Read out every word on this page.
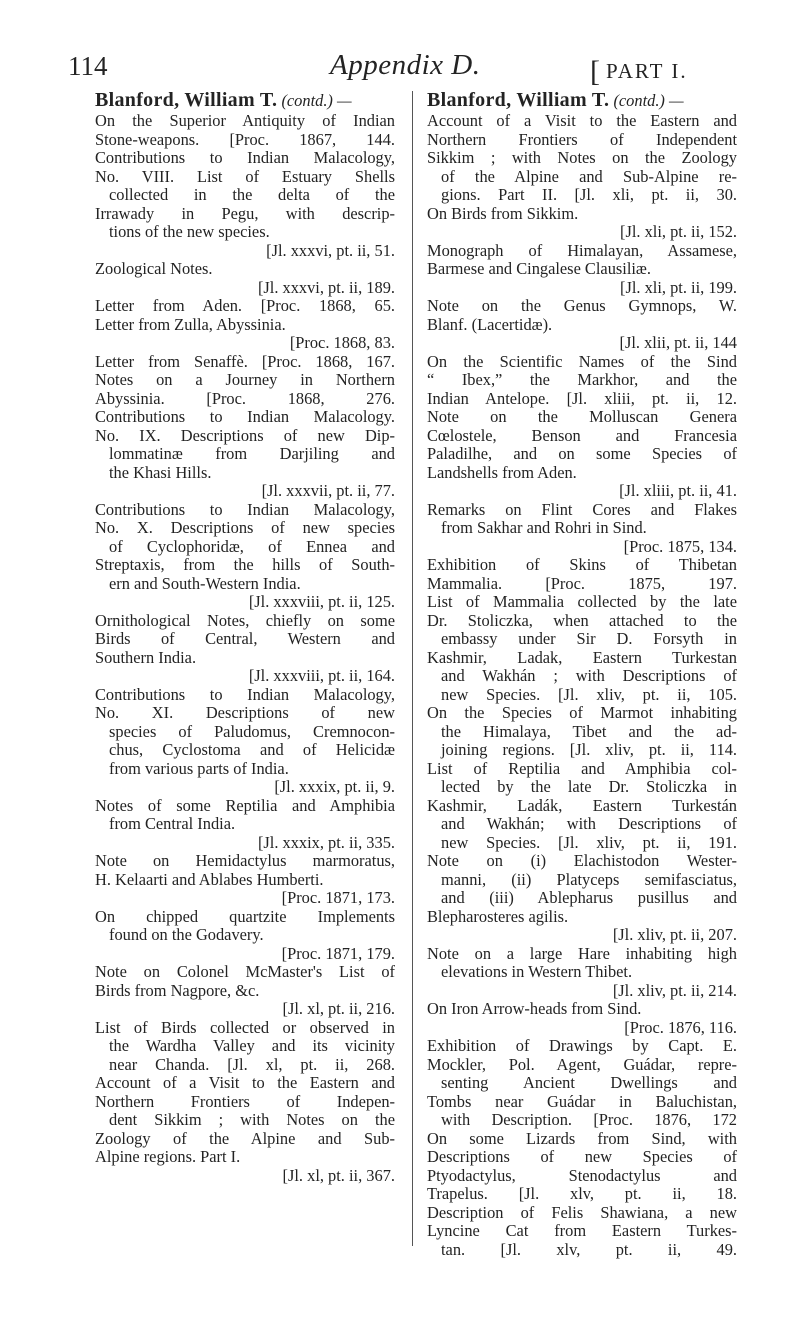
114	Appendix D.	[ PART I.
Blanford, William T. (contd.) —
On the Superior Antiquity of Indian
Stone-weapons. [Proc. 1867, 144.
Contributions to Indian Malacology,
No. VIII. List of Estuary Shells
collected in the delta of the
Irrawady in Pegu, with descrip-
tions of the new species.
[Jl. xxxvi, pt. ii, 51.
Zoological Notes.
[Jl. xxxvi, pt. ii, 189.
Letter from Aden. [Proc. 1868, 65.
Letter from Zulla, Abyssinia.
[Proc. 1868, 83.
Letter from Senaffè. [Proc. 1868, 167.
Notes on a Journey in Northern
Abyssinia. [Proc. 1868, 276.
Contributions to Indian Malacology.
No. IX. Descriptions of new Dip-
lommatinæ from Darjiling and
the Khasi Hills.
[Jl. xxxvii, pt. ii, 77.
Contributions to Indian Malacology,
No. X. Descriptions of new species
of Cyclophoridæ, of Ennea and
Streptaxis, from the hills of South-
ern and South-Western India.
[Jl. xxxviii, pt. ii, 125.
Ornithological Notes, chiefly on some
Birds of Central, Western and
Southern India.
[Jl. xxxviii, pt. ii, 164.
Contributions to Indian Malacology,
No. XI. Descriptions of new
species of Paludomus, Cremnocon-
chus, Cyclostoma and of Helicidæ
from various parts of India.
[Jl. xxxix, pt. ii, 9.
Notes of some Reptilia and Amphibia
from Central India.
[Jl. xxxix, pt. ii, 335.
Note on Hemidactylus marmoratus,
H. Kelaarti and Ablabes Humberti.
[Proc. 1871, 173.
On chipped quartzite Implements
found on the Godavery.
[Proc. 1871, 179.
Note on Colonel McMaster's List of
Birds from Nagpore, &c.
[Jl. xl, pt. ii, 216.
List of Birds collected or observed in
the Wardha Valley and its vicinity
near Chanda. [Jl. xl, pt. ii, 268.
Account of a Visit to the Eastern and
Northern Frontiers of Indepen-
dent Sikkim ; with Notes on the
Zoology of the Alpine and Sub-
Alpine regions. Part I.
[Jl. xl, pt. ii, 367.
Blanford, William T. (contd.) —
Account of a Visit to the Eastern and
Northern Frontiers of Independent
Sikkim ; with Notes on the Zoology
of the Alpine and Sub-Alpine re-
gions. Part II. [Jl. xli, pt. ii, 30.
On Birds from Sikkim.
[Jl. xli, pt. ii, 152.
Monograph of Himalayan, Assamese,
Barmese and Cingalese Clausiliæ.
[Jl. xli, pt. ii, 199.
Note on the Genus Gymnops, W.
Blanf. (Lacertidæ).
[Jl. xlii, pt. ii, 144
On the Scientific Names of the Sind
“ Ibex,” the Markhor, and the
Indian Antelope. [Jl. xliii, pt. ii, 12.
Note on the Molluscan Genera
Cœlostele, Benson and Francesia
Paladilhe, and on some Species of
Landshells from Aden.
[Jl. xliii, pt. ii, 41.
Remarks on Flint Cores and Flakes
from Sakhar and Rohri in Sind.
[Proc. 1875, 134.
Exhibition of Skins of Thibetan
Mammalia. [Proc. 1875, 197.
List of Mammalia collected by the late
Dr. Stoliczka, when attached to the
embassy under Sir D. Forsyth in
Kashmir, Ladak, Eastern Turkestan
and Wakhán ; with Descriptions of
new Species. [Jl. xliv, pt. ii, 105.
On the Species of Marmot inhabiting
the Himalaya, Tibet and the ad-
joining regions. [Jl. xliv, pt. ii, 114.
List of Reptilia and Amphibia col-
lected by the late Dr. Stoliczka in
Kashmir, Ladák, Eastern Turkestán
and Wakhán; with Descriptions of
new Species. [Jl. xliv, pt. ii, 191.
Note on (i) Elachistodon Wester-
manni, (ii) Platyceps semifasciatus,
and (iii) Ablepharus pusillus and
Blepharosteres agilis.
[Jl. xliv, pt. ii, 207.
Note on a large Hare inhabiting high
elevations in Western Thibet.
[Jl. xliv, pt. ii, 214.
On Iron Arrow-heads from Sind.
[Proc. 1876, 116.
Exhibition of Drawings by Capt. E.
Mockler, Pol. Agent, Guádar, repre-
senting Ancient Dwellings and
Tombs near Guádar in Baluchistan,
with Description. [Proc. 1876, 172
On some Lizards from Sind, with
Descriptions of new Species of
Ptyodactylus, Stenodactylus and
Trapelus. [Jl. xlv, pt. ii, 18.
Description of Felis Shawiana, a new
Lyncine Cat from Eastern Turkes-
tan. [Jl. xlv, pt. ii, 49.
